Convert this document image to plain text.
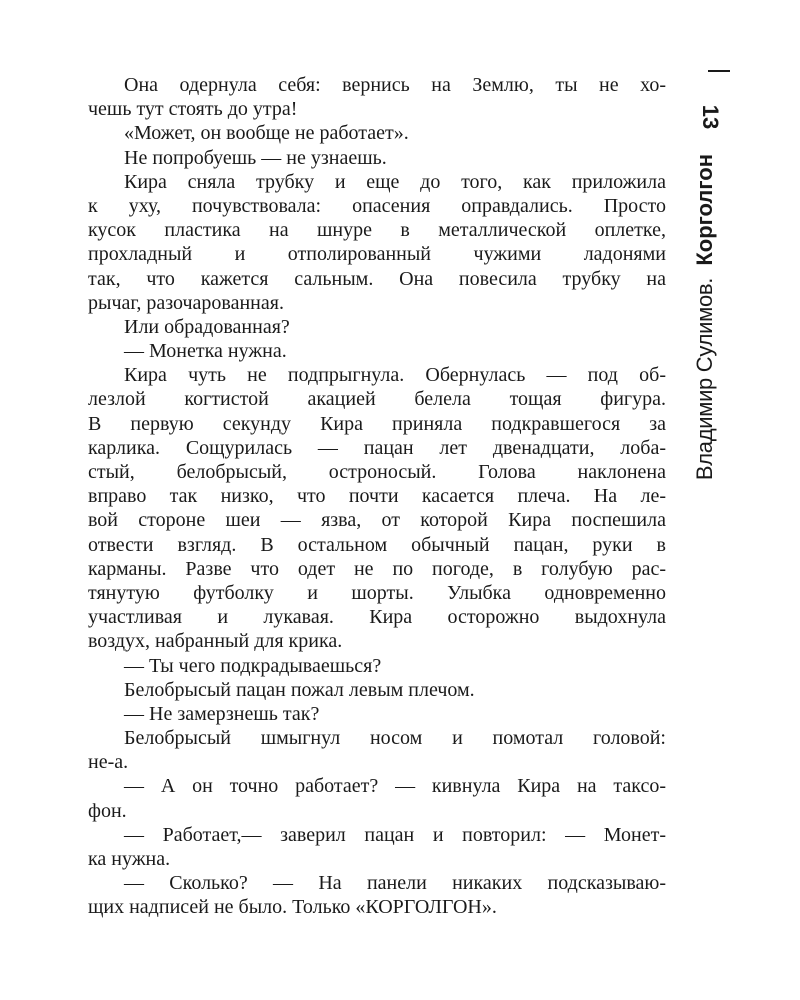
13
Владимир Сулимов.  Корголгон
Она одернула себя: вернись на Землю, ты не хо-
чешь тут стоять до утра!
«Может, он вообще не работает».
Не попробуешь — не узнаешь.
Кира сняла трубку и еще до того, как приложила
к уху, почувствовала: опасения оправдались. Просто
кусок пластика на шнуре в металлической оплетке,
прохладный и отполированный чужими ладонями
так, что кажется сальным. Она повесила трубку на
рычаг, разочарованная.
Или обрадованная?
— Монетка нужна.
Кира чуть не подпрыгнула. Обернулась — под об-
лезлой когтистой акацией белела тощая фигура.
В первую секунду Кира приняла подкравшегося за
карлика. Сощурилась — пацан лет двенадцати, лоба-
стый, белобрысый, остроносый. Голова наклонена
вправо так низко, что почти касается плеча. На ле-
вой стороне шеи — язва, от которой Кира поспешила
отвести взгляд. В остальном обычный пацан, руки в
карманы. Разве что одет не по погоде, в голубую рас-
тянутую футболку и шорты. Улыбка одновременно
участливая и лукавая. Кира осторожно выдохнула
воздух, набранный для крика.
— Ты чего подкрадываешься?
Белобрысый пацан пожал левым плечом.
— Не замерзнешь так?
Белобрысый шмыгнул носом и помотал головой:
не-а.
— А он точно работает? — кивнула Кира на таксо-
фон.
— Работает,— заверил пацан и повторил: — Монет-
ка нужна.
— Сколько? — На панели никаких подсказываю-
щих надписей не было. Только «КОРГОЛГОН».
